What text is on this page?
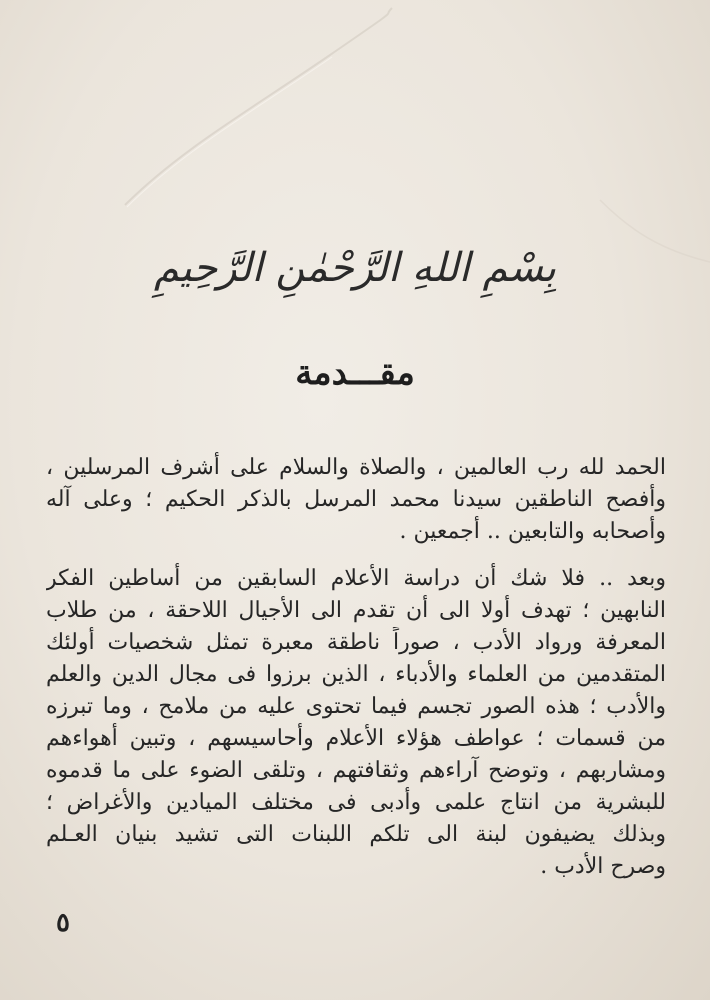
بِسْمِ اللهِ الرَّحْمٰنِ الرَّحِيمِ
مقـــدمة
الحمد لله رب العالمين ، والصلاة والسلام على أشرف المرسلين ،
وأفصح الناطقين سيدنا محمد المرسل بالذكر الحكيم ؛ وعلى آله
وأصحابه والتابعين .. أجمعين .
وبعد .. فلا شك أن دراسة الأعلام السابقين من أساطين الفكر
النابهين ؛ تهدف أولا الى أن تقدم الى الأجيال اللاحقة ، من طلاب
المعرفة ورواد الأدب ، صوراً ناطقة معبرة تمثل شخصيات أولئك
المتقدمين من العلماء والأدباء ، الذين برزوا فى مجال الدين والعلم
والأدب ؛ هذه الصور تجسم فيما تحتوى عليه من ملامح ، وما تبرزه
من قسمات ؛ عواطف هؤلاء الأعلام وأحاسيسهم ، وتبين أهواءهم
ومشاربهم ، وتوضح آراءهم وثقافتهم ، وتلقى الضوء على ما قدموه
للبشرية من انتاج علمى وأدبى فى مختلف الميادين والأغراض ؛
وبذلك يضيفون لبنة الى تلكم اللبنات التى تشيد بنيان العـلم
وصرح الأدب .
٥
